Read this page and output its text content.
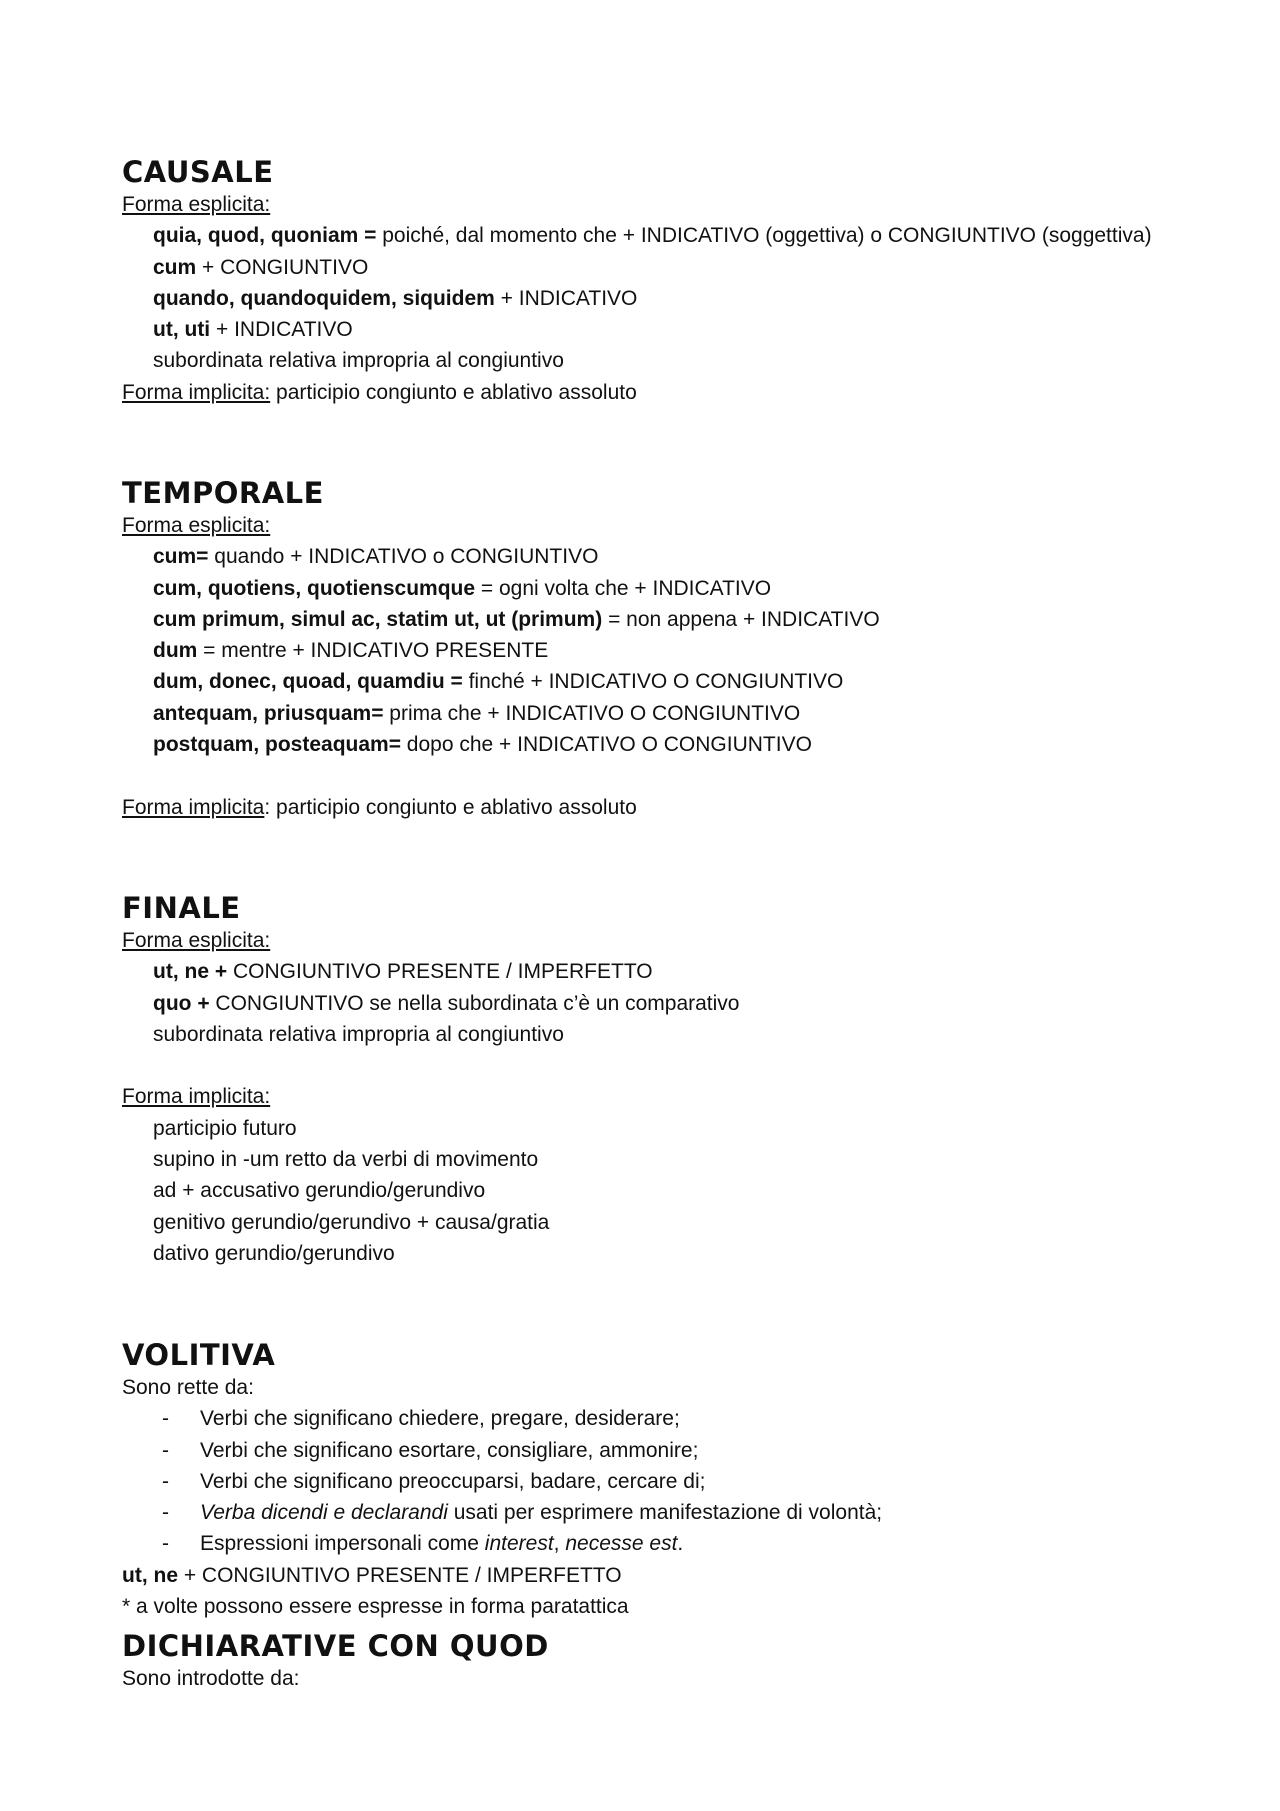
CAUSALE
Forma esplicita:
quia, quod, quoniam = poiché, dal momento che + INDICATIVO (oggettiva) o CONGIUNTIVO (soggettiva)
cum + CONGIUNTIVO
quando, quandoquidem, siquidem + INDICATIVO
ut, uti + INDICATIVO
subordinata relativa impropria al congiuntivo
Forma implicita: participio congiunto e ablativo assoluto
TEMPORALE
Forma esplicita:
cum= quando + INDICATIVO o CONGIUNTIVO
cum, quotiens, quotienscumque = ogni volta che + INDICATIVO
cum primum, simul ac, statim ut, ut (primum) = non appena + INDICATIVO
dum = mentre + INDICATIVO PRESENTE
dum, donec, quoad, quamdiu = finché + INDICATIVO O CONGIUNTIVO
antequam, priusquam= prima che + INDICATIVO O CONGIUNTIVO
postquam, posteaquam= dopo che + INDICATIVO O CONGIUNTIVO
Forma implicita: participio congiunto e ablativo assoluto
FINALE
Forma esplicita:
ut, ne + CONGIUNTIVO PRESENTE / IMPERFETTO
quo + CONGIUNTIVO se nella subordinata c’è un comparativo
subordinata relativa impropria al congiuntivo
Forma implicita:
participio futuro
supino in -um retto da verbi di movimento
ad + accusativo gerundio/gerundivo
genitivo gerundio/gerundivo + causa/gratia
dativo gerundio/gerundivo
VOLITIVA
Sono rette da:
- Verbi che significano chiedere, pregare, desiderare;
- Verbi che significano esortare, consigliare, ammonire;
- Verbi che significano preoccuparsi, badare, cercare di;
- Verba dicendi e declarandi usati per esprimere manifestazione di volontà;
- Espressioni impersonali come interest, necesse est.
ut, ne + CONGIUNTIVO PRESENTE / IMPERFETTO
* a volte possono essere espresse in forma paratattica
DICHIARATIVE CON QUOD
Sono introdotte da:
